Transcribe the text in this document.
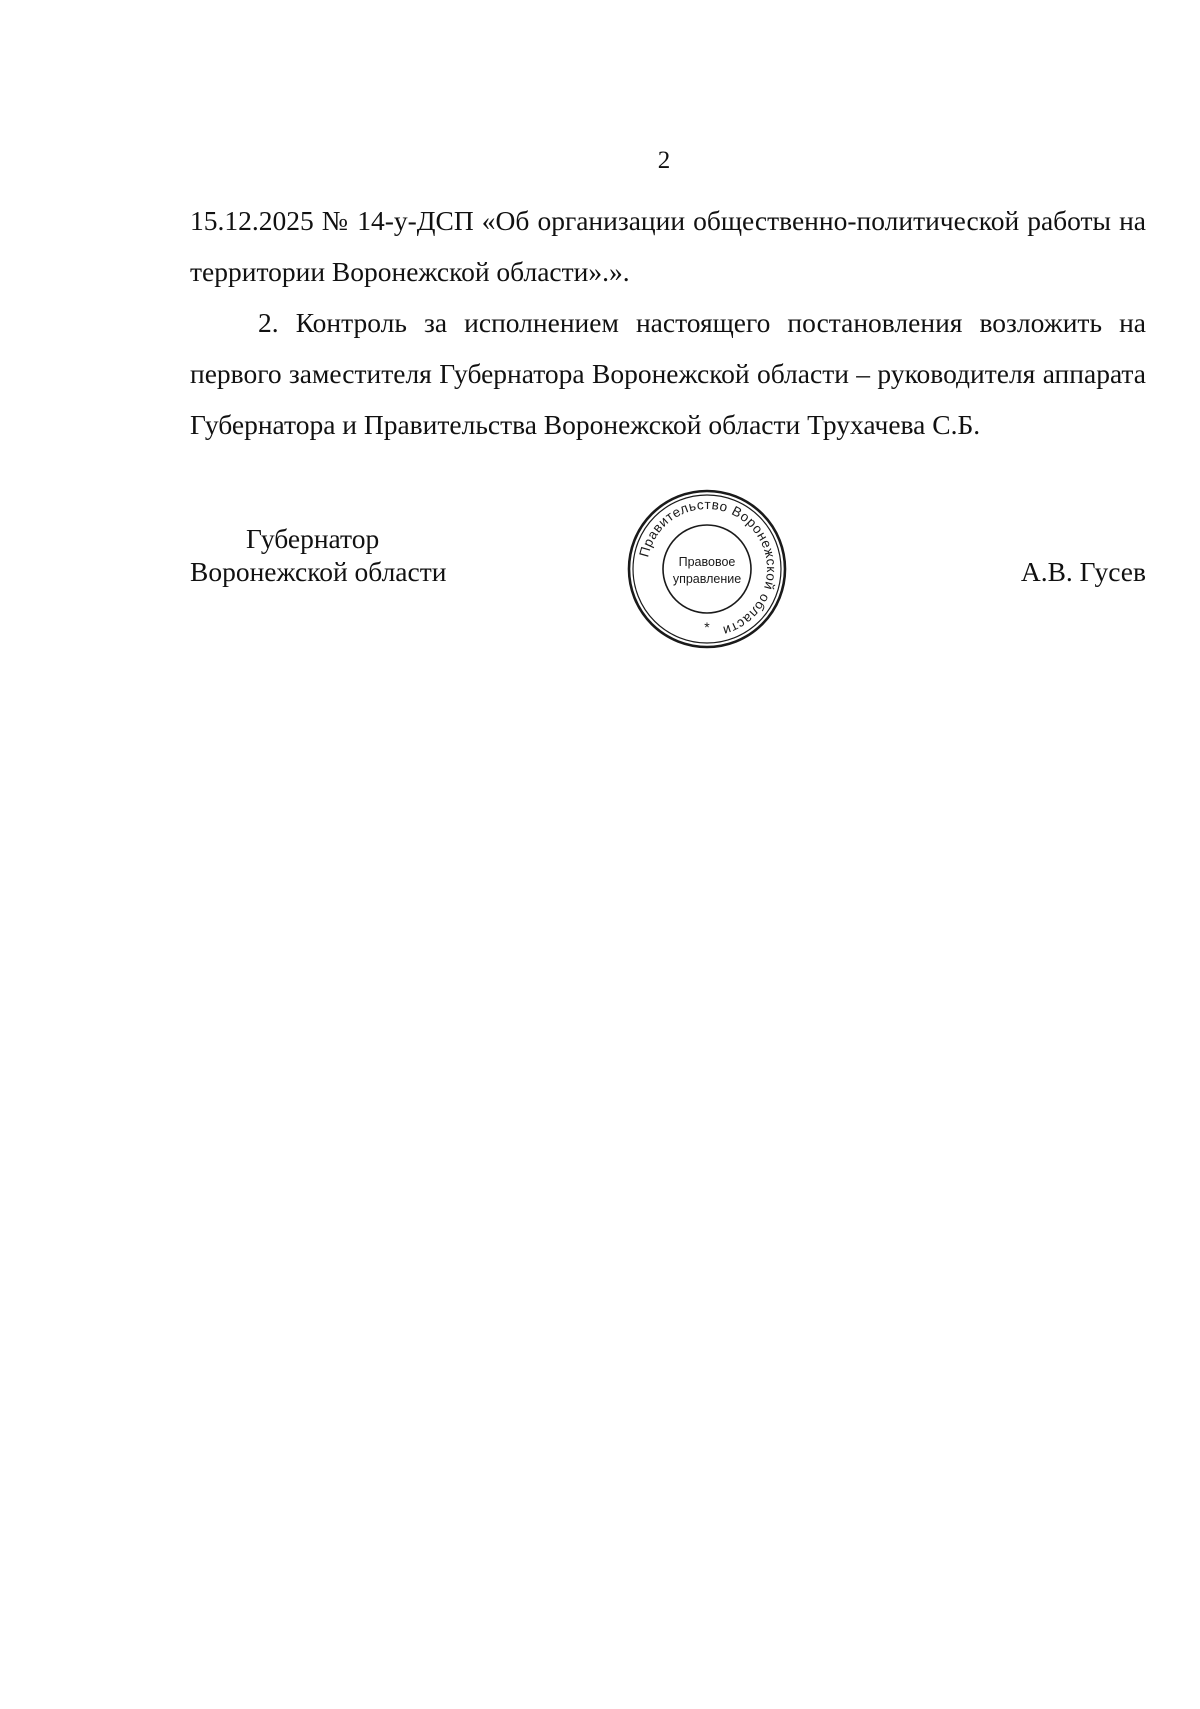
2

15.12.2025 № 14-у-ДСП «Об организации общественно-политической работы на территории Воронежской области».».

2. Контроль за исполнением настоящего постановления возложить на первого заместителя Губернатора Воронежской области – руководителя аппарата Губернатора и Правительства Воронежской области Трухачева С.Б.

Губернатор
Воронежской области
Правительство Воронежской области
Правовое
управление
*
А.В. Гусев
